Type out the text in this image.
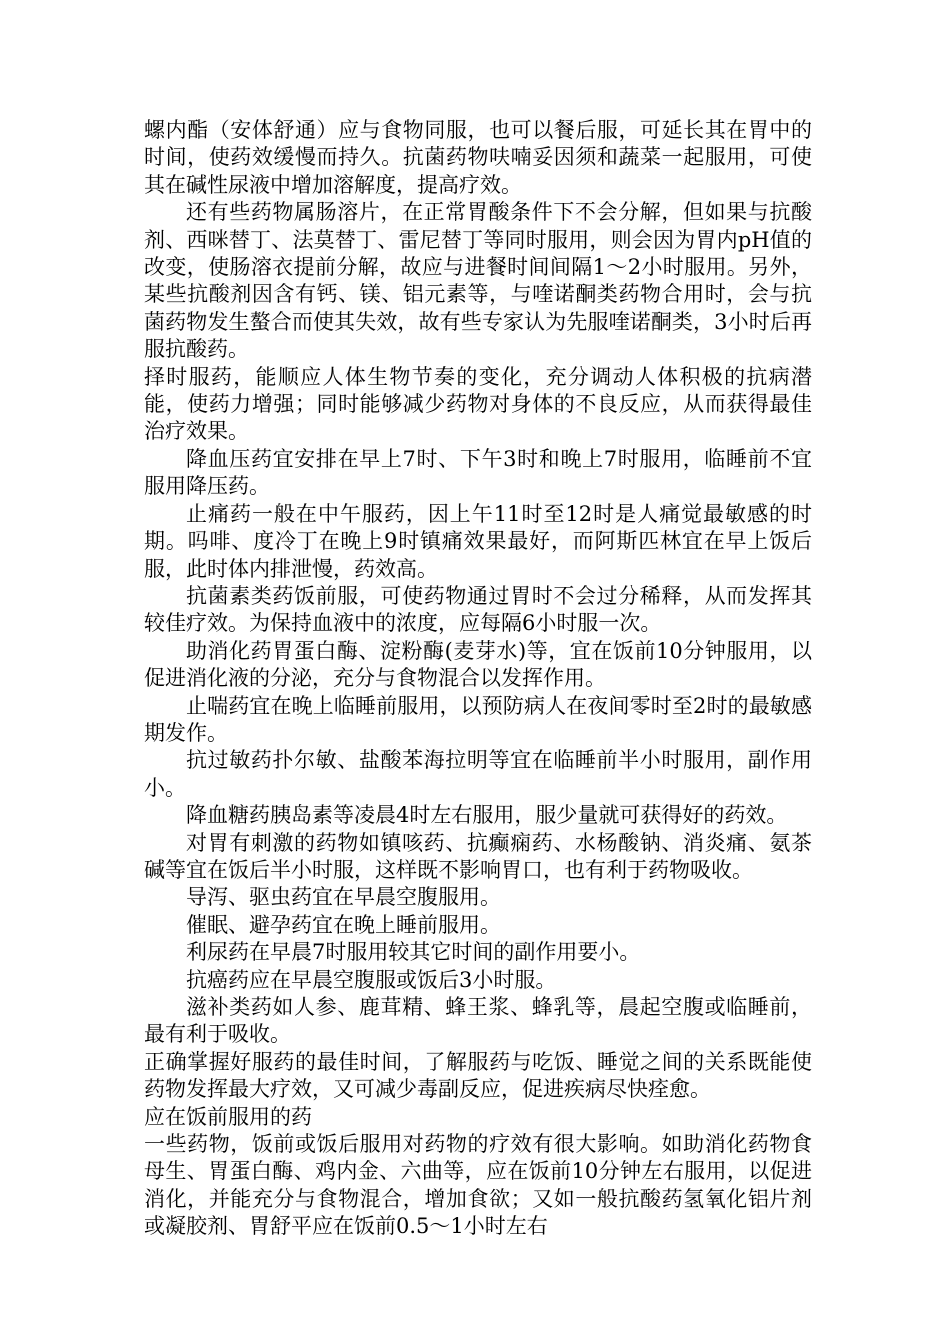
螺内酯（安体舒通）应与食物同服，也可以餐后服，可延长其在胃中的时间，使药效缓慢而持久。抗菌药物呋喃妥因须和蔬菜一起服用，可使其在碱性尿液中增加溶解度，提高疗效。

还有些药物属肠溶片，在正常胃酸条件下不会分解，但如果与抗酸剂、西咪替丁、法莫替丁、雷尼替丁等同时服用，则会因为胃内pH值的改变，使肠溶衣提前分解，故应与进餐时间间隔1～2小时服用。另外，某些抗酸剂因含有钙、镁、铝元素等，与喹诺酮类药物合用时，会与抗菌药物发生螯合而使其失效，故有些专家认为先服喹诺酮类，3小时后再服抗酸药。

择时服药，能顺应人体生物节奏的变化，充分调动人体积极的抗病潜能，使药力增强；同时能够减少药物对身体的不良反应，从而获得最佳治疗效果。

降血压药宜安排在早上7时、下午3时和晚上7时服用，临睡前不宜服用降压药。

止痛药一般在中午服药，因上午11时至12时是人痛觉最敏感的时期。吗啡、度冷丁在晚上9时镇痛效果最好，而阿斯匹林宜在早上饭后服，此时体内排泄慢，药效高。

抗菌素类药饭前服，可使药物通过胃时不会过分稀释，从而发挥其较佳疗效。为保持血液中的浓度，应每隔6小时服一次。

助消化药胃蛋白酶、淀粉酶(麦芽水)等，宜在饭前10分钟服用，以促进消化液的分泌，充分与食物混合以发挥作用。

止喘药宜在晚上临睡前服用，以预防病人在夜间零时至2时的最敏感期发作。

抗过敏药扑尔敏、盐酸苯海拉明等宜在临睡前半小时服用，副作用小。

降血糖药胰岛素等凌晨4时左右服用，服少量就可获得好的药效。

对胃有刺激的药物如镇咳药、抗癫痫药、水杨酸钠、消炎痛、氨茶碱等宜在饭后半小时服，这样既不影响胃口，也有利于药物吸收。

导泻、驱虫药宜在早晨空腹服用。

催眠、避孕药宜在晚上睡前服用。

利尿药在早晨7时服用较其它时间的副作用要小。

抗癌药应在早晨空腹服或饭后3小时服。

滋补类药如人参、鹿茸精、蜂王浆、蜂乳等，晨起空腹或临睡前，最有利于吸收。

正确掌握好服药的最佳时间，了解服药与吃饭、睡觉之间的关系既能使药物发挥最大疗效，又可减少毒副反应，促进疾病尽快痊愈。

应在饭前服用的药

一些药物，饭前或饭后服用对药物的疗效有很大影响。如助消化药物食母生、胃蛋白酶、鸡内金、六曲等，应在饭前10分钟左右服用，以促进消化，并能充分与食物混合，增加食欲；又如一般抗酸药氢氧化铝片剂或凝胶剂、胃舒平应在饭前0.5～1小时左右
